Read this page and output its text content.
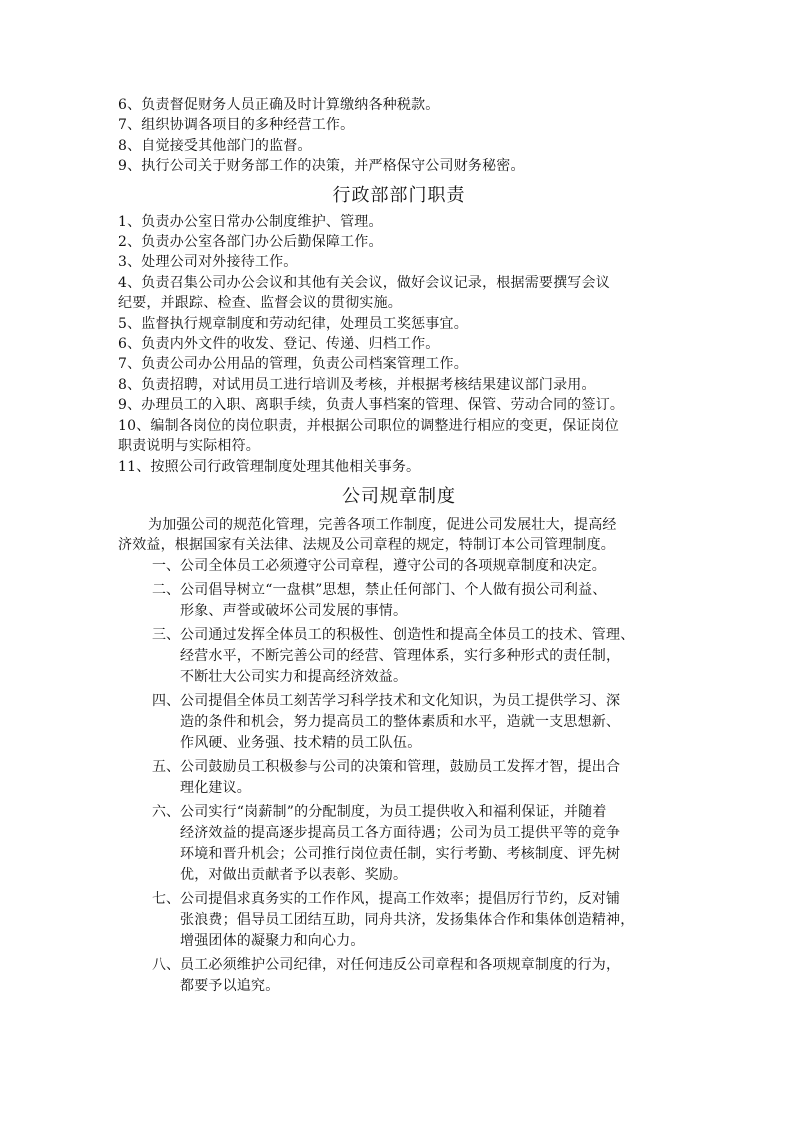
6、负责督促财务人员正确及时计算缴纳各种税款。
7、组织协调各项目的多种经营工作。
8、自觉接受其他部门的监督。
9、执行公司关于财务部工作的决策，并严格保守公司财务秘密。
行政部部门职责
1、负责办公室日常办公制度维护、管理。
2、负责办公室各部门办公后勤保障工作。
3、处理公司对外接待工作。
4、负责召集公司办公会议和其他有关会议，做好会议记录，根据需要撰写会议
纪要，并跟踪、检查、监督会议的贯彻实施。
5、监督执行规章制度和劳动纪律，处理员工奖惩事宜。
6、负责内外文件的收发、登记、传递、归档工作。
7、负责公司办公用品的管理，负责公司档案管理工作。
8、负责招聘，对试用员工进行培训及考核，并根据考核结果建议部门录用。
9、办理员工的入职、离职手续，负责人事档案的管理、保管、劳动合同的签订。
10、编制各岗位的岗位职责，并根据公司职位的调整进行相应的变更，保证岗位
职责说明与实际相符。
11、按照公司行政管理制度处理其他相关事务。
公司规章制度
为加强公司的规范化管理，完善各项工作制度，促进公司发展壮大，提高经
济效益，根据国家有关法律、法规及公司章程的规定，特制订本公司管理制度。
一、 公司全体员工必须遵守公司章程，遵守公司的各项规章制度和决定。
二、 公司倡导树立“一盘棋”思想，禁止任何部门、个人做有损公司利益、
形象、声誉或破坏公司发展的事情。
三、 公司通过发挥全体员工的积极性、创造性和提高全体员工的技术、管理、
经营水平，不断完善公司的经营、管理体系，实行多种形式的责任制，
不断壮大公司实力和提高经济效益。
四、 公司提倡全体员工刻苦学习科学技术和文化知识，为员工提供学习、深
造的条件和机会，努力提高员工的整体素质和水平，造就一支思想新、
作风硬、业务强、技术精的员工队伍。
五、 公司鼓励员工积极参与公司的决策和管理，鼓励员工发挥才智，提出合
理化建议。
六、 公司实行“岗薪制”的分配制度，为员工提供收入和福利保证，并随着
经济效益的提高逐步提高员工各方面待遇；公司为员工提供平等的竞争
环境和晋升机会；公司推行岗位责任制，实行考勤、考核制度、评先树
优，对做出贡献者予以表彰、奖励。
七、 公司提倡求真务实的工作作风，提高工作效率；提倡厉行节约，反对铺
张浪费；倡导员工团结互助，同舟共济，发扬集体合作和集体创造精神，
增强团体的凝聚力和向心力。
八、 员工必须维护公司纪律，对任何违反公司章程和各项规章制度的行为，
都要予以追究。
